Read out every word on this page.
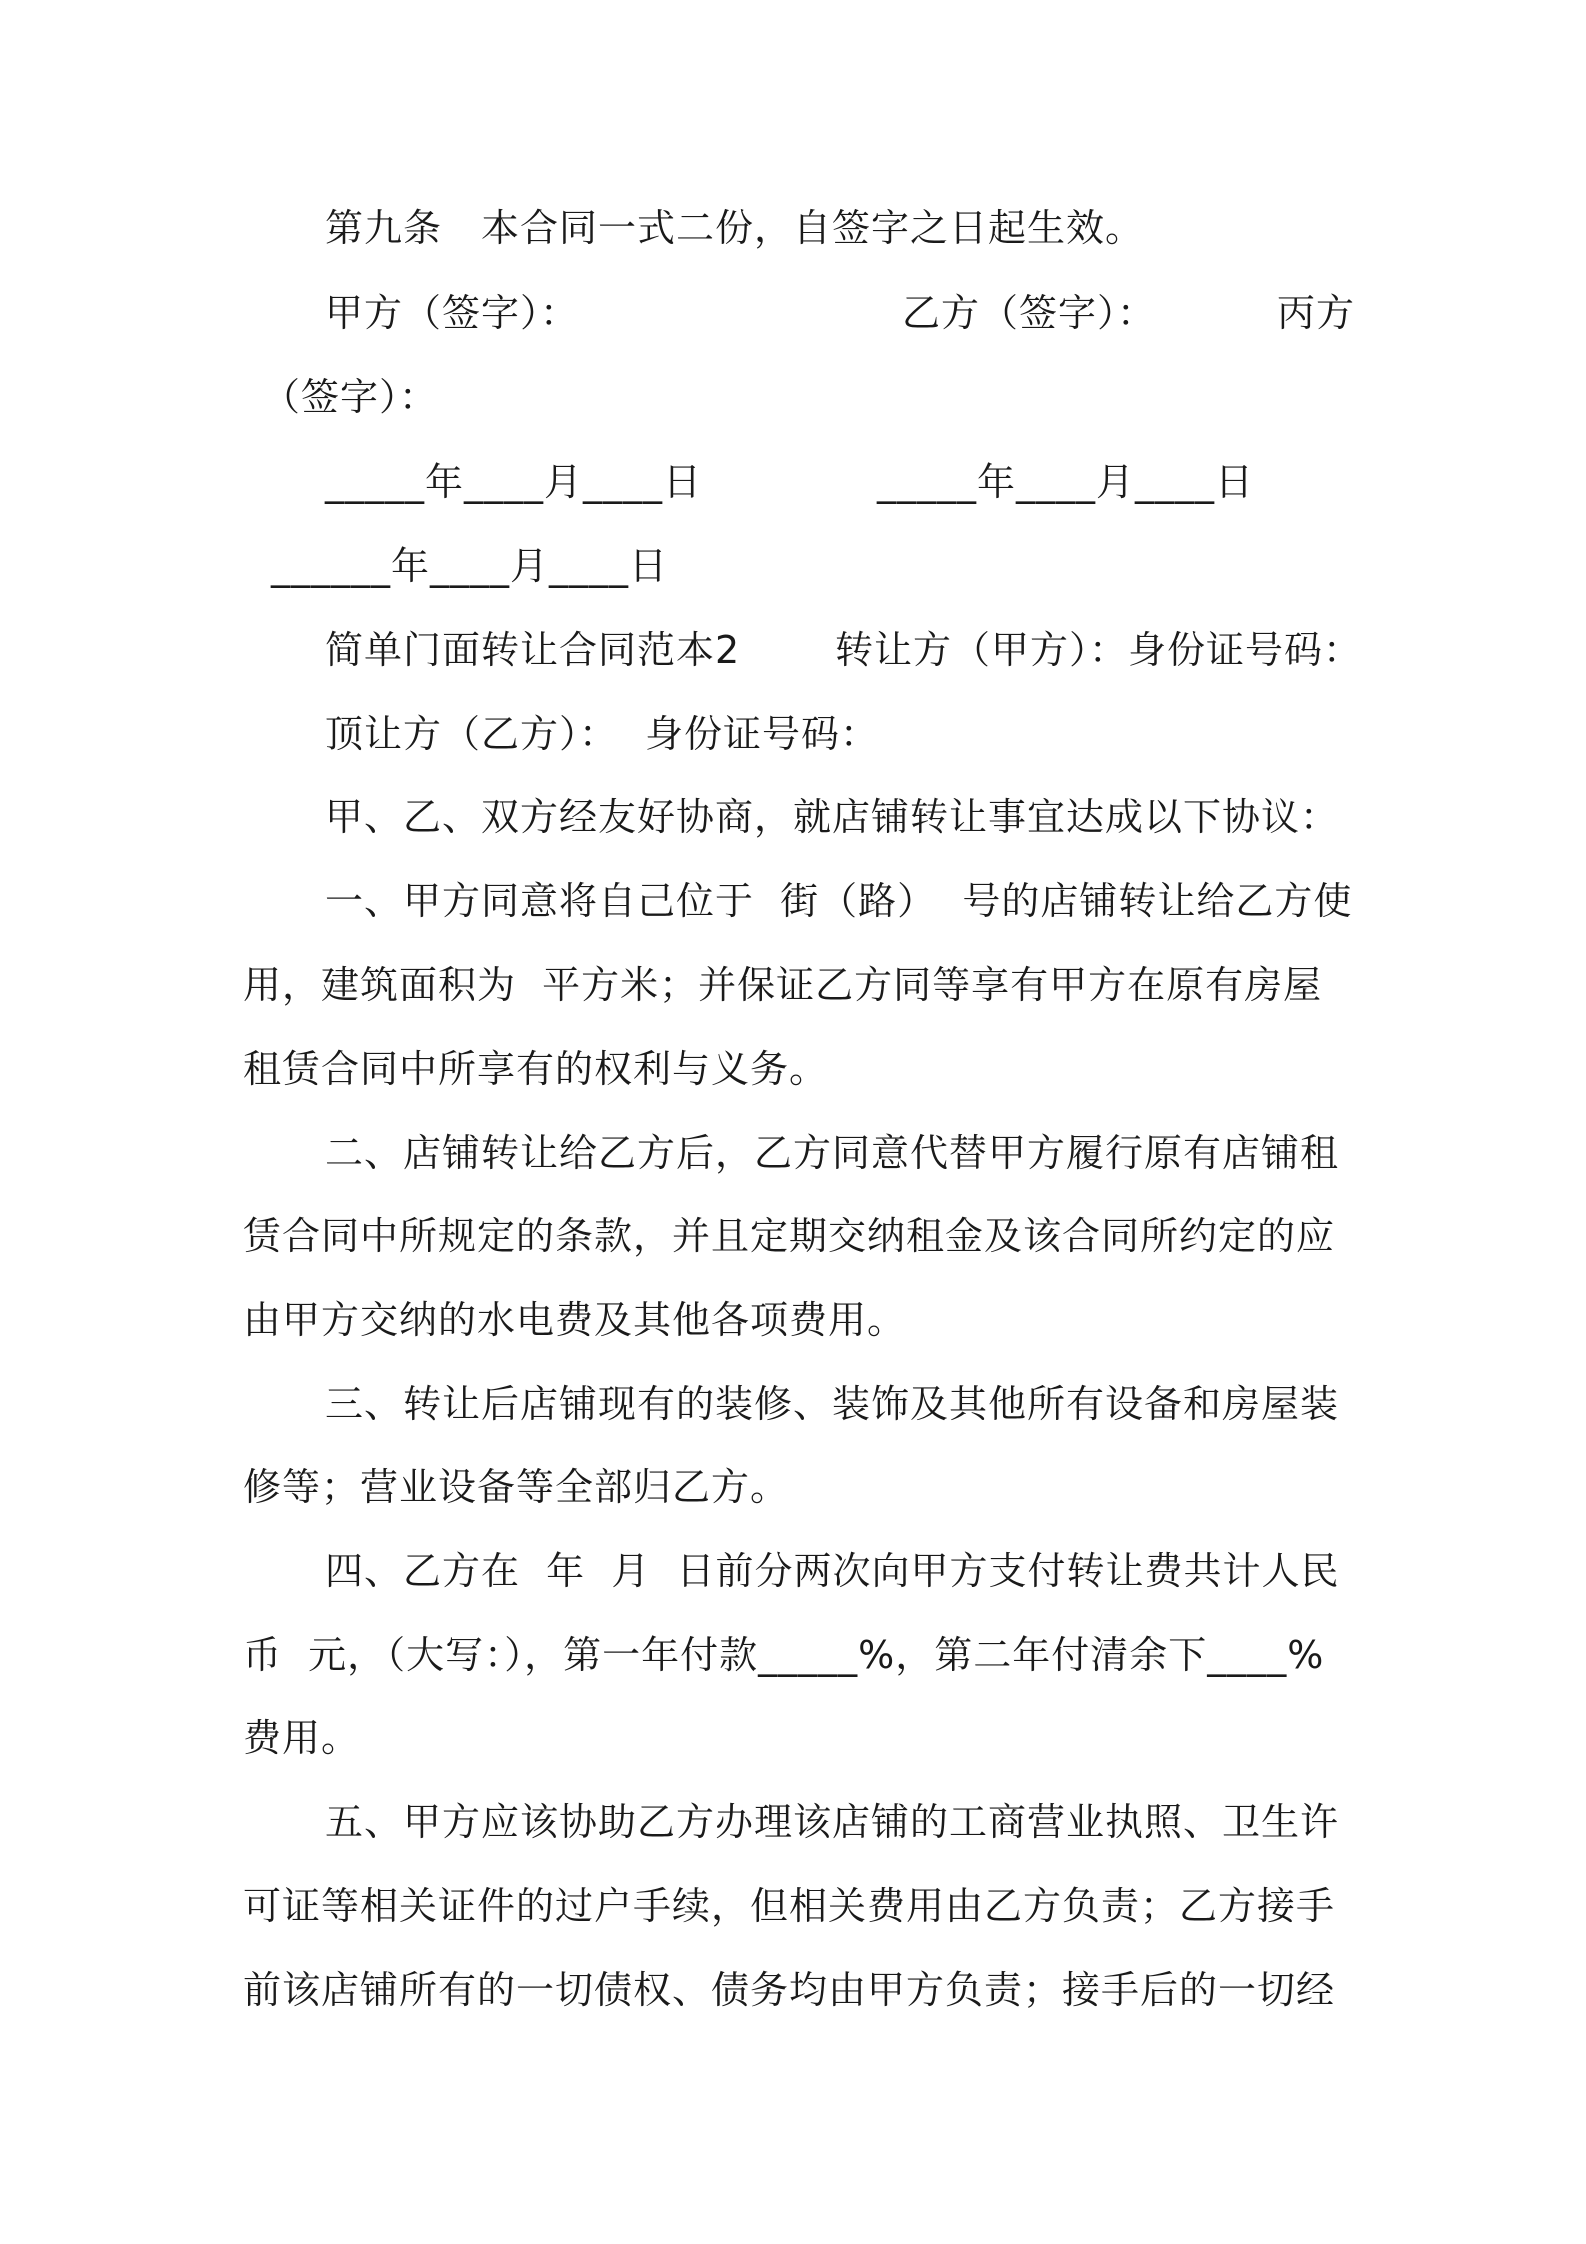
第九条　本合同一式二份，自签字之日起生效。
甲方（签字）：	乙方（签字）：	丙方
（签字）：
_____年____月____日	_____年____月____日
______年____月____日
简单门面转让合同范本2 转让方（甲方）：身份证号码：
顶让方（乙方）： 身份证号码：
甲、乙、双方经友好协商，就店铺转让事宜达成以下协议：
一、甲方同意将自己位于  街（路）  号的店铺转让给乙方使
用，建筑面积为  平方米；并保证乙方同等享有甲方在原有房屋
租赁合同中所享有的权利与义务。
二、店铺转让给乙方后，乙方同意代替甲方履行原有店铺租
赁合同中所规定的条款，并且定期交纳租金及该合同所约定的应
由甲方交纳的水电费及其他各项费用。
三、转让后店铺现有的装修、装饰及其他所有设备和房屋装
修等；营业设备等全部归乙方。
四、乙方在  年  月  日前分两次向甲方支付转让费共计人民
币  元，（大写：），第一年付款_____%，第二年付清余下____%
费用。
五、甲方应该协助乙方办理该店铺的工商营业执照、卫生许
可证等相关证件的过户手续，但相关费用由乙方负责；乙方接手
前该店铺所有的一切债权、债务均由甲方负责；接手后的一切经
